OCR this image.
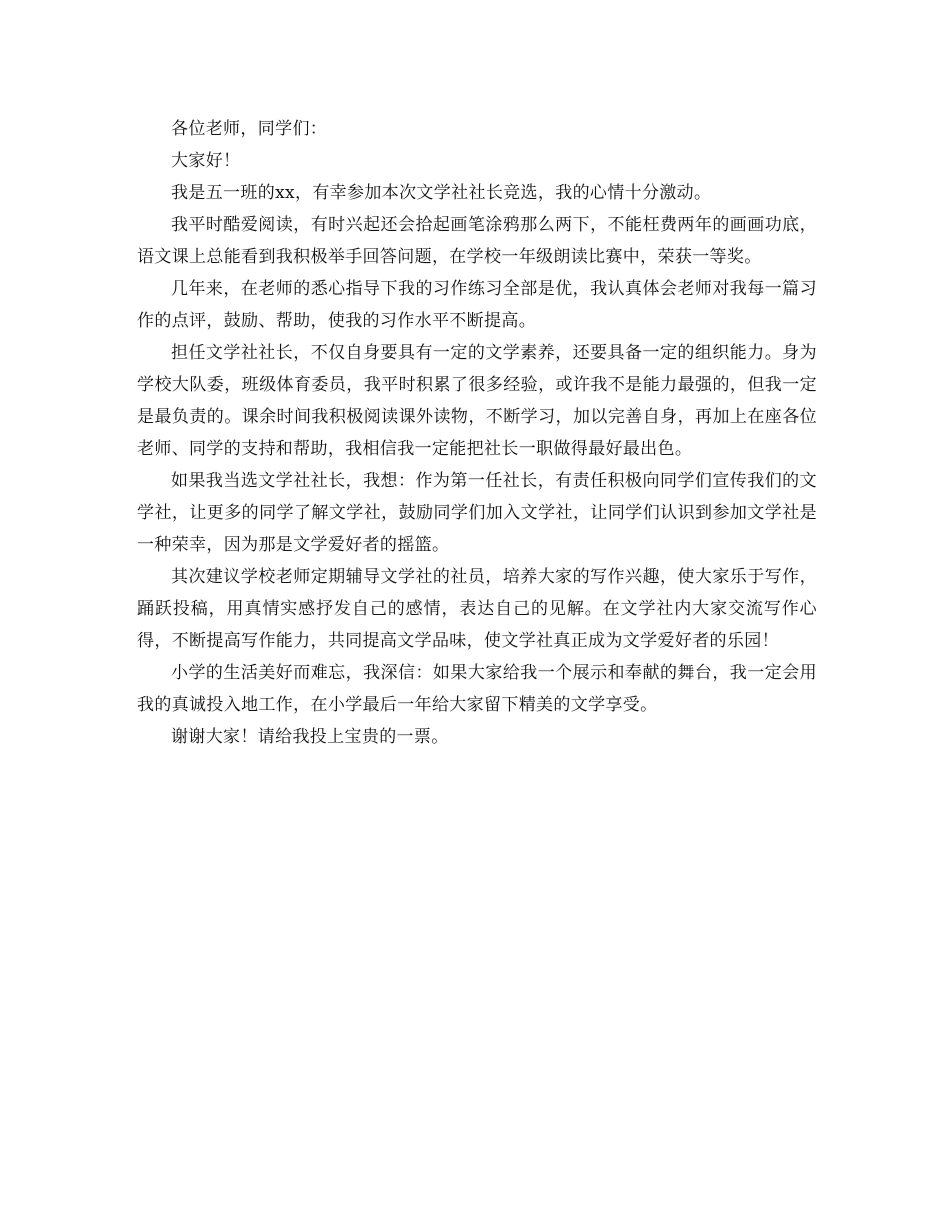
各位老师，同学们：

大家好！

我是五一班的xx，有幸参加本次文学社社长竞选，我的心情十分激动。

我平时酷爱阅读，有时兴起还会拾起画笔涂鸦那么两下，不能枉费两年的画画功底，语文课上总能看到我积极举手回答问题，在学校一年级朗读比赛中，荣获一等奖。

几年来，在老师的悉心指导下我的习作练习全部是优，我认真体会老师对我每一篇习作的点评，鼓励、帮助，使我的习作水平不断提高。

担任文学社社长，不仅自身要具有一定的文学素养，还要具备一定的组织能力。身为学校大队委，班级体育委员，我平时积累了很多经验，或许我不是能力最强的，但我一定是最负责的。课余时间我积极阅读课外读物，不断学习，加以完善自身，再加上在座各位老师、同学的支持和帮助，我相信我一定能把社长一职做得最好最出色。

如果我当选文学社社长，我想：作为第一任社长，有责任积极向同学们宣传我们的文学社，让更多的同学了解文学社，鼓励同学们加入文学社，让同学们认识到参加文学社是一种荣幸，因为那是文学爱好者的摇篮。

其次建议学校老师定期辅导文学社的社员，培养大家的写作兴趣，使大家乐于写作，踊跃投稿，用真情实感抒发自己的感情，表达自己的见解。在文学社内大家交流写作心得，不断提高写作能力，共同提高文学品味，使文学社真正成为文学爱好者的乐园！

小学的生活美好而难忘，我深信：如果大家给我一个展示和奉献的舞台，我一定会用我的真诚投入地工作，在小学最后一年给大家留下精美的文学享受。

谢谢大家！请给我投上宝贵的一票。
